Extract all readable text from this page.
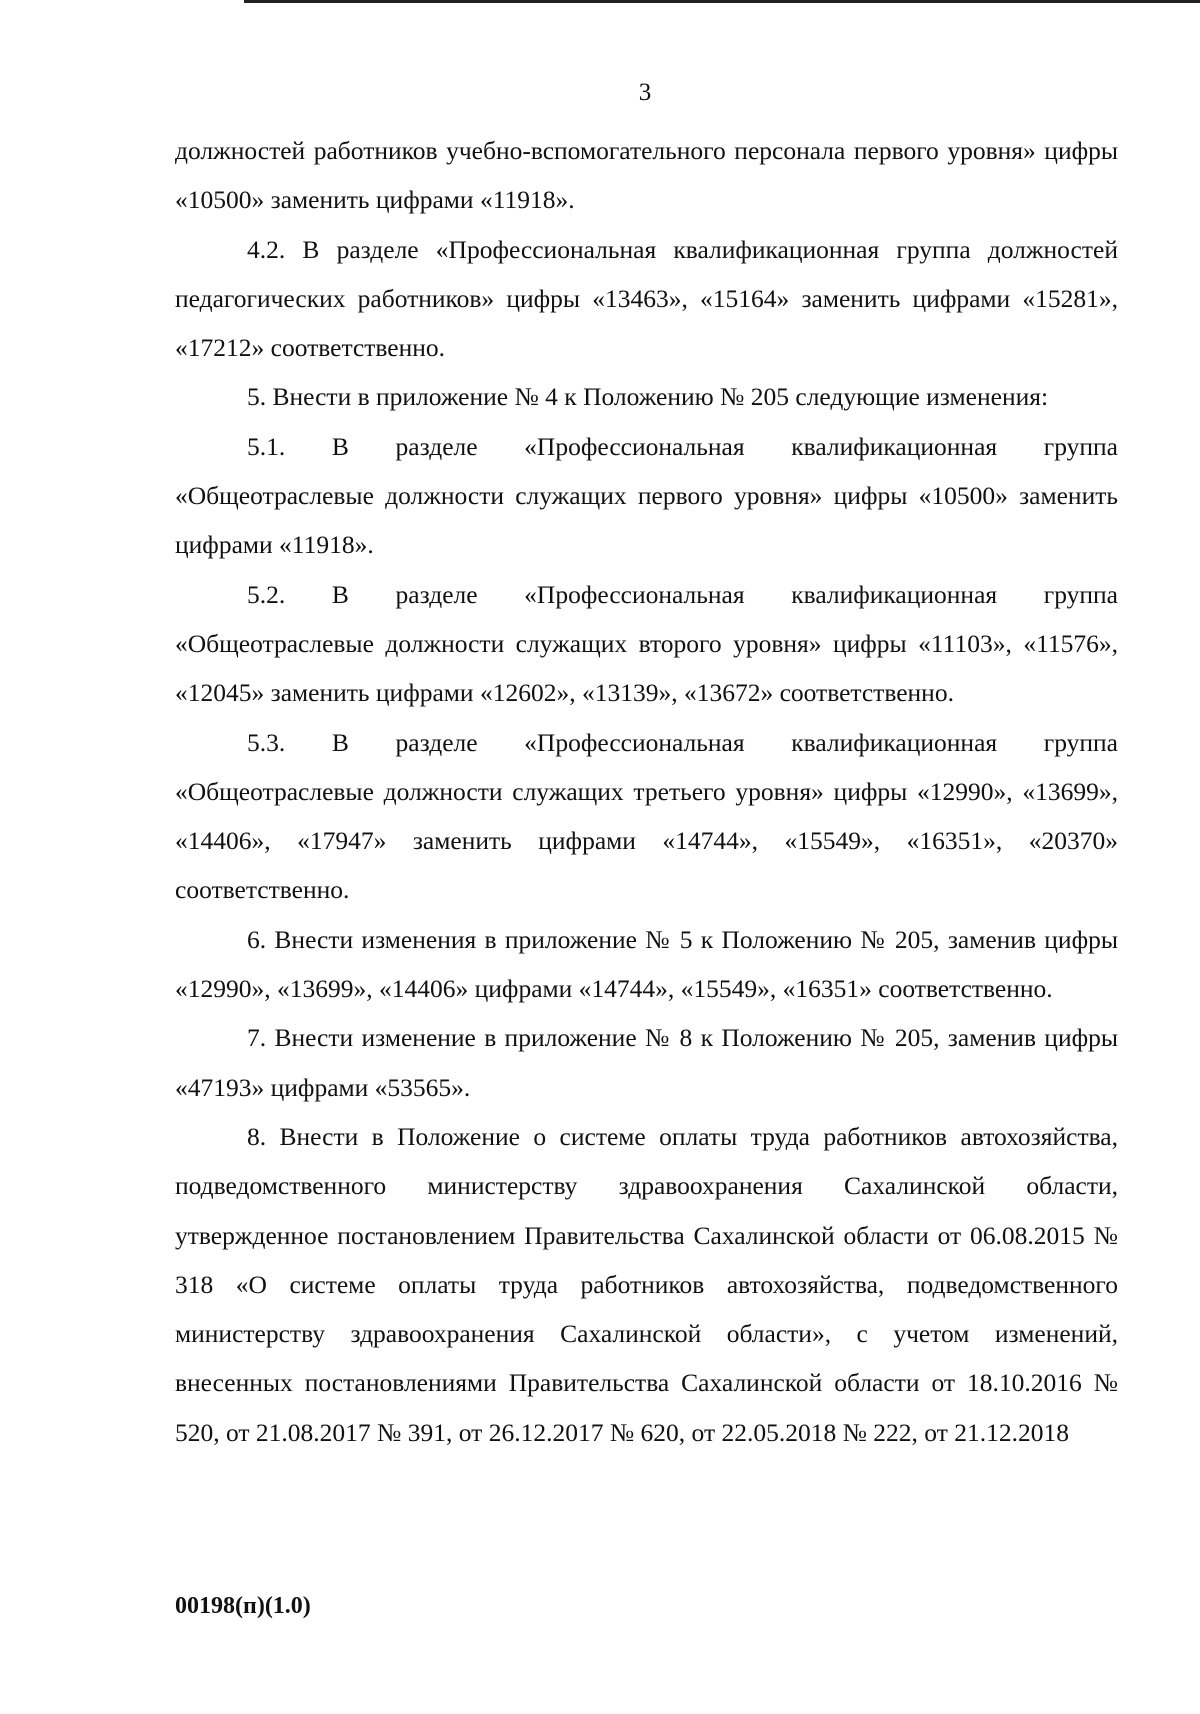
3

должностей работников учебно-вспомогательного персонала первого уровня» цифры «10500» заменить цифрами «11918».

4.2. В разделе «Профессиональная квалификационная группа должностей педагогических работников» цифры «13463», «15164» заменить цифрами «15281», «17212» соответственно.

5. Внести в приложение № 4 к Положению № 205 следующие изменения:

5.1. В разделе «Профессиональная квалификационная группа «Общеотраслевые должности служащих первого уровня» цифры «10500» заменить цифрами «11918».

5.2. В разделе «Профессиональная квалификационная группа «Общеотраслевые должности служащих второго уровня» цифры «11103», «11576», «12045» заменить цифрами «12602», «13139», «13672» соответственно.

5.3. В разделе «Профессиональная квалификационная группа «Общеотраслевые должности служащих третьего уровня» цифры «12990», «13699», «14406», «17947» заменить цифрами «14744», «15549», «16351», «20370» соответственно.

6. Внести изменения в приложение № 5 к Положению № 205, заменив цифры «12990», «13699», «14406» цифрами «14744», «15549», «16351» соответственно.

7. Внести изменение в приложение № 8 к Положению № 205, заменив цифры «47193» цифрами «53565».

8. Внести в Положение о системе оплаты труда работников автохозяйства, подведомственного министерству здравоохранения Сахалинской области, утвержденное постановлением Правительства Сахалинской области от 06.08.2015 № 318 «О системе оплаты труда работников автохозяйства, подведомственного министерству здравоохранения Сахалинской области», с учетом изменений, внесенных постановлениями Правительства Сахалинской области от 18.10.2016 № 520, от 21.08.2017 № 391, от 26.12.2017 № 620, от 22.05.2018 № 222, от 21.12.2018

00198(п)(1.0)
